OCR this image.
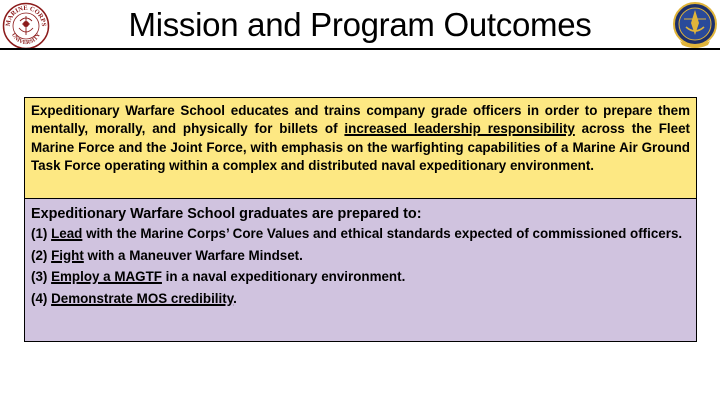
MARINE CORPS
UNIVERSITY	Mission and Program Outcomes
Expeditionary Warfare School educates and trains company grade officers in order to prepare them mentally, morally, and physically for billets of increased leadership responsibility across the Fleet Marine Force and the Joint Force, with emphasis on the warfighting capabilities of a Marine Air Ground Task Force operating within a complex and distributed naval expeditionary environment.
Expeditionary Warfare School graduates are prepared to:
(1) Lead with the Marine Corps’ Core Values and ethical standards expected of commissioned officers.
(2) Fight with a Maneuver Warfare Mindset.
(3) Employ a MAGTF in a naval expeditionary environment.
(4) Demonstrate MOS credibility.
